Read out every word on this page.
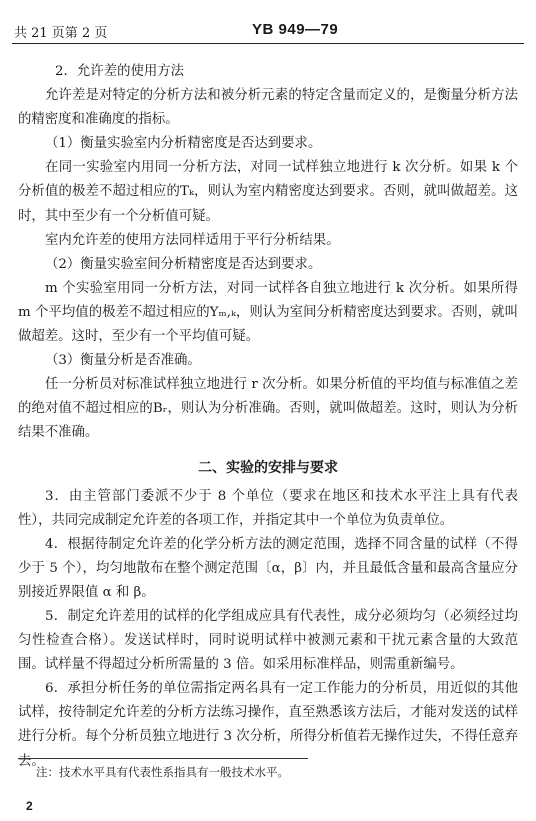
共 21 页第 2 页	YB 949—79

2．允许差的使用方法

允许差是对特定的分析方法和被分析元素的特定含量而定义的，是衡量分析方法的精密度和准确度的指标。

（1）衡量实验室内分析精密度是否达到要求。

在同一实验室内用同一分析方法，对同一试样独立地进行 k 次分析。如果 k 个分析值的极差不超过相应的Tₖ，则认为室内精密度达到要求。否则，就叫做超差。这时，其中至少有一个分析值可疑。

室内允许差的使用方法同样适用于平行分析结果。

（2）衡量实验室间分析精密度是否达到要求。

m 个实验室用同一分析方法，对同一试样各自独立地进行 k 次分析。如果所得 m 个平均值的极差不超过相应的Yₘ,ₖ，则认为室间分析精密度达到要求。否则，就叫做超差。这时，至少有一个平均值可疑。

（3）衡量分析是否准确。

任一分析员对标准试样独立地进行 r 次分析。如果分析值的平均值与标准值之差的绝对值不超过相应的Bᵣ，则认为分析准确。否则，就叫做超差。这时，则认为分析结果不准确。

二、实验的安排与要求

3．由主管部门委派不少于 8 个单位（要求在地区和技术水平注上具有代表性），共同完成制定允许差的各项工作，并指定其中一个单位为负责单位。

4．根据待制定允许差的化学分析方法的测定范围，选择不同含量的试样（不得少于 5 个），均匀地散布在整个测定范围〔α，β〕内，并且最低含量和最高含量应分别接近界限值 α 和 β。

5．制定允许差用的试样的化学组成应具有代表性，成分必须均匀（必须经过均匀性检查合格）。发送试样时，同时说明试样中被测元素和干扰元素含量的大致范围。试样量不得超过分析所需量的 3 倍。如采用标准样品，则需重新编号。

6．承担分析任务的单位需指定两名具有一定工作能力的分析员，用近似的其他试样，按待制定允许差的分析方法练习操作，直至熟悉该方法后，才能对发送的试样进行分析。每个分析员独立地进行 3 次分析，所得分析值若无操作过失，不得任意弃去。

注：技术水平具有代表性系指具有一般技术水平。
2
